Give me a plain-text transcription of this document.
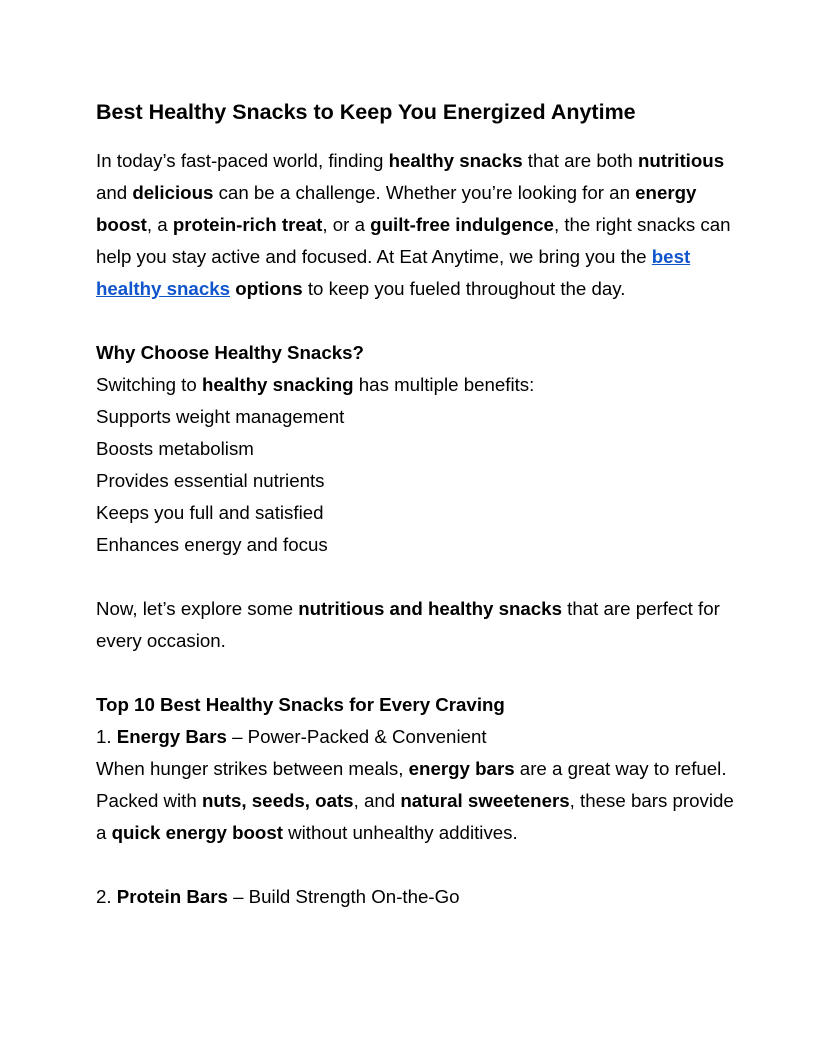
Best Healthy Snacks to Keep You Energized Anytime

In today’s fast-paced world, finding healthy snacks that are both nutritious and delicious can be a challenge. Whether you’re looking for an energy boost, a protein-rich treat, or a guilt-free indulgence, the right snacks can help you stay active and focused. At Eat Anytime, we bring you the best healthy snacks options to keep you fueled throughout the day.

Why Choose Healthy Snacks?

Switching to healthy snacking has multiple benefits:

Supports weight management

Boosts metabolism

Provides essential nutrients

Keeps you full and satisfied

Enhances energy and focus

Now, let’s explore some nutritious and healthy snacks that are perfect for every occasion.

Top 10 Best Healthy Snacks for Every Craving

1. Energy Bars – Power-Packed & Convenient

When hunger strikes between meals, energy bars are a great way to refuel. Packed with nuts, seeds, oats, and natural sweeteners, these bars provide a quick energy boost without unhealthy additives.

2. Protein Bars – Build Strength On-the-Go
